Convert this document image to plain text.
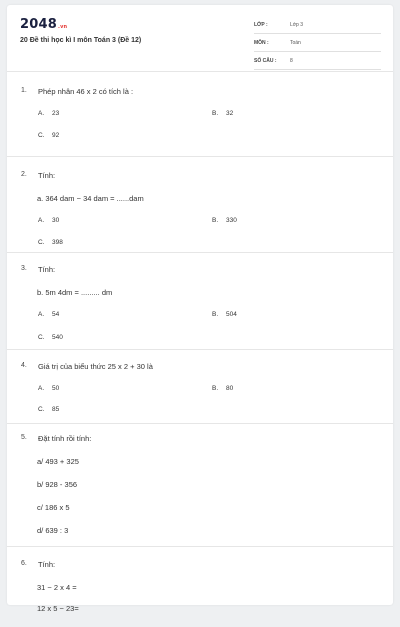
2048.vn
20 Đề thi học kì I môn Toán 3 (Đề 12)
LỚP :	Lớp 3
MÔN :	Toán
SỐ CÂU :	8
1. Phép nhân 46 x 2 có tích là :
A. 23	B. 32
C. 92
2. Tính:
a. 364 dam − 34 dam = ......dam
A. 30	B. 330
C. 398
3. Tính:
b. 5m 4dm = ......... dm
A. 54	B. 504
C. 540
4. Giá trị của biểu thức 25 x 2 + 30 là
A. 50	B. 80
C. 85
5. Đặt tính rồi tính:
a/ 493 + 325
b/ 928 - 356
c/ 186 x 5
d/ 639 : 3
6. Tính:
31 − 2 x 4 =
12 x 5 − 23=
